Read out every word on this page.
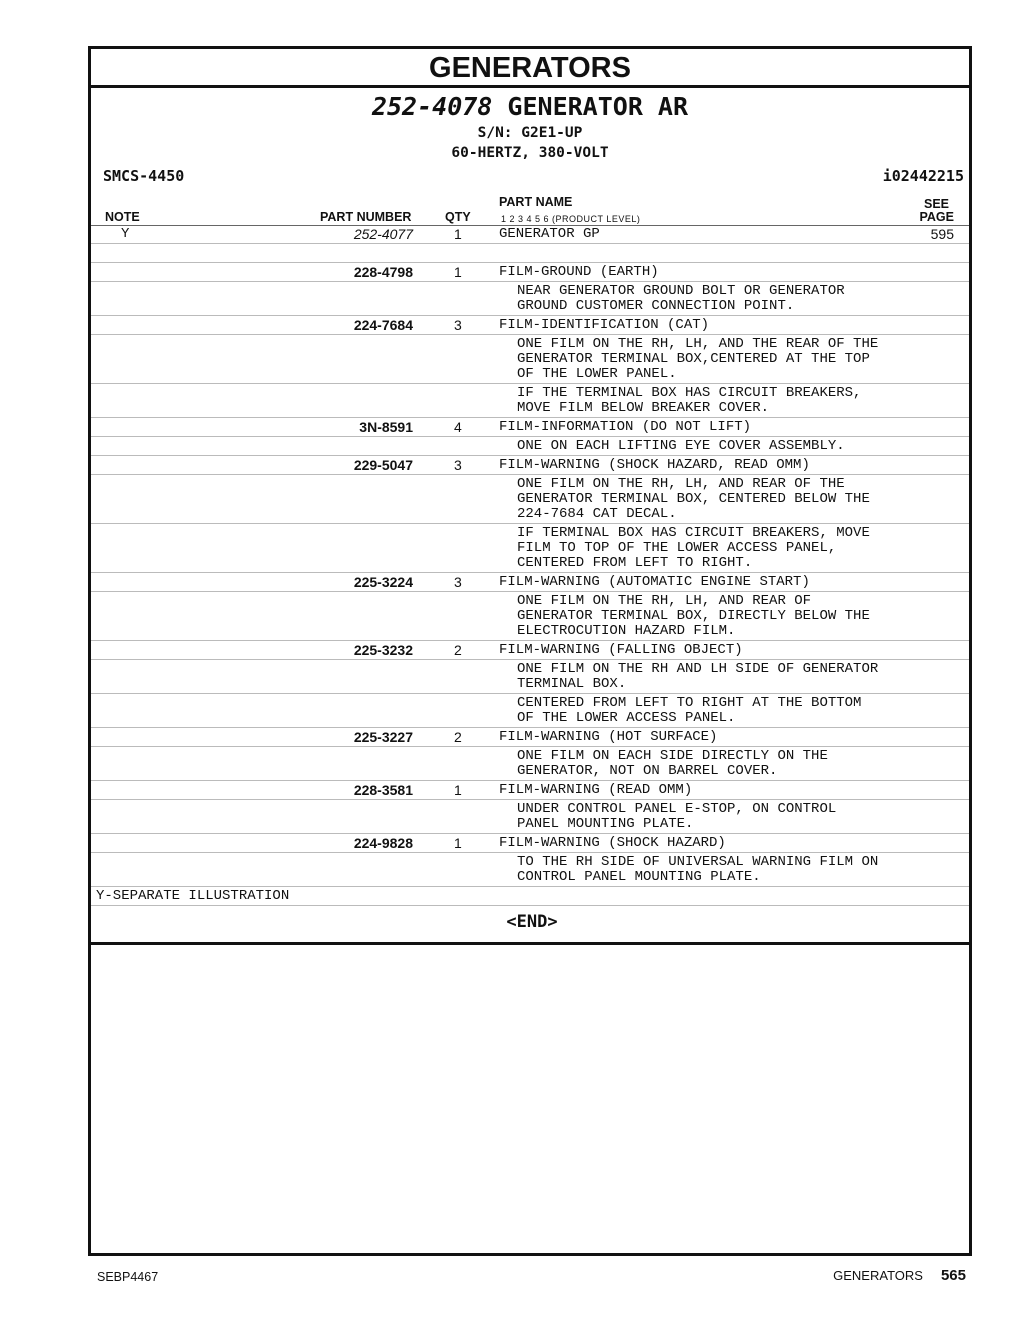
GENERATORS
252-4078 GENERATOR AR
S/N: G2E1-UP
60-HERTZ, 380-VOLT
SMCS-4450	i02442215
NOTE	PART NUMBER	QTY
PART NAME
1 2 3 4 5 6 (PRODUCT LEVEL)
SEE
PAGE
Y	252-4077	1	GENERATOR GP	595
228-4798	1	FILM-GROUND (EARTH)
NEAR GENERATOR GROUND BOLT OR GENERATOR
GROUND CUSTOMER CONNECTION POINT.
224-7684	3	FILM-IDENTIFICATION (CAT)
ONE FILM ON THE RH, LH, AND THE REAR OF THE
GENERATOR TERMINAL BOX,CENTERED AT THE TOP
OF THE LOWER PANEL.
IF THE TERMINAL BOX HAS CIRCUIT BREAKERS,
MOVE FILM BELOW BREAKER COVER.
3N-8591	4	FILM-INFORMATION (DO NOT LIFT)
ONE ON EACH LIFTING EYE COVER ASSEMBLY.
229-5047	3	FILM-WARNING (SHOCK HAZARD, READ OMM)
ONE FILM ON THE RH, LH, AND REAR OF THE
GENERATOR TERMINAL BOX, CENTERED BELOW THE
224-7684 CAT DECAL.
IF TERMINAL BOX HAS CIRCUIT BREAKERS, MOVE
FILM TO TOP OF THE LOWER ACCESS PANEL,
CENTERED FROM LEFT TO RIGHT.
225-3224	3	FILM-WARNING (AUTOMATIC ENGINE START)
ONE FILM ON THE RH, LH, AND REAR OF
GENERATOR TERMINAL BOX, DIRECTLY BELOW THE
ELECTROCUTION HAZARD FILM.
225-3232	2	FILM-WARNING (FALLING OBJECT)
ONE FILM ON THE RH AND LH SIDE OF GENERATOR
TERMINAL BOX.
CENTERED FROM LEFT TO RIGHT AT THE BOTTOM
OF THE LOWER ACCESS PANEL.
225-3227	2	FILM-WARNING (HOT SURFACE)
ONE FILM ON EACH SIDE DIRECTLY ON THE
GENERATOR, NOT ON BARREL COVER.
228-3581	1	FILM-WARNING (READ OMM)
UNDER CONTROL PANEL E-STOP, ON CONTROL
PANEL MOUNTING PLATE.
224-9828	1	FILM-WARNING (SHOCK HAZARD)
TO THE RH SIDE OF UNIVERSAL WARNING FILM ON
CONTROL PANEL MOUNTING PLATE.
Y-SEPARATE ILLUSTRATION
<END>
SEBP4467	GENERATORS 565
